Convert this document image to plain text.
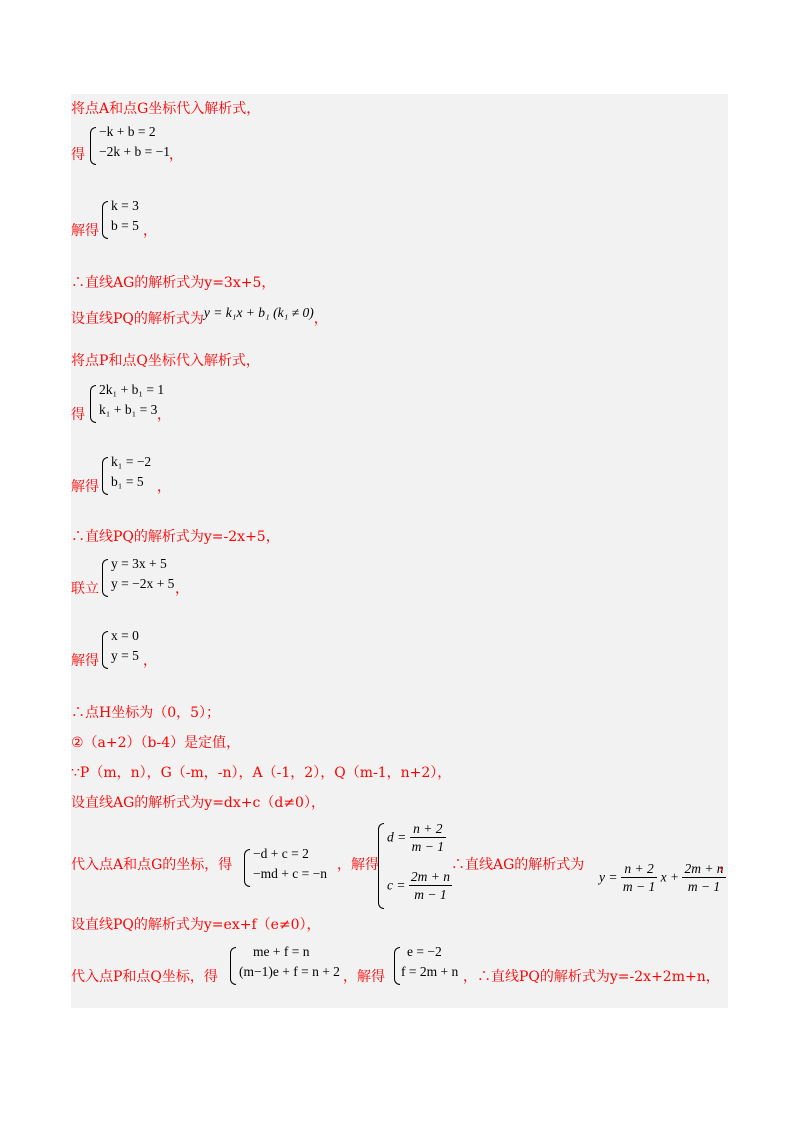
将点A和点G坐标代入解析式，
得
−k + b = 2
−2k + b = −1 ，
解得
k = 3
b = 5 ，
∴直线AG的解析式为y=3x+5，
设直线PQ的解析式为y = k₁x + b₁ (k₁ ≠ 0)，
将点P和点Q坐标代入解析式，
得
2k₁ + b₁ = 1
k₁ + b₁ = 3 ，
解得
k₁ = −2
b₁ = 5 ，
∴直线PQ的解析式为y=-2x+5，
联立
y = 3x + 5
y = −2x + 5 ，
解得
x = 0
y = 5 ，
∴点H坐标为（0，5）；
②（a+2）（b-4）是定值，
∵P（m，n），G（-m，-n），A（-1，2），Q（m-1，n+2），
设直线AG的解析式为y=dx+c（d≠0），
代入点A和点G的坐标，得
−d + c = 2
−md + c = −n
，解得
$d = \frac{n + 2}{m - 1}$
$c = \frac{2m + n}{m - 1}$
∴直线AG的解析式为
$y = \frac{n + 2}{m - 1}$ $x + \frac{2m + n}{m - 1}$
，
设直线PQ的解析式为y=ex+f（e≠0），
代入点P和点Q坐标，得
me + f = n
(m−1)e + f = n + 2 ，解得
e = −2
f = 2m + n ，∴直线PQ的解析式为y=-2x+2m+n，
